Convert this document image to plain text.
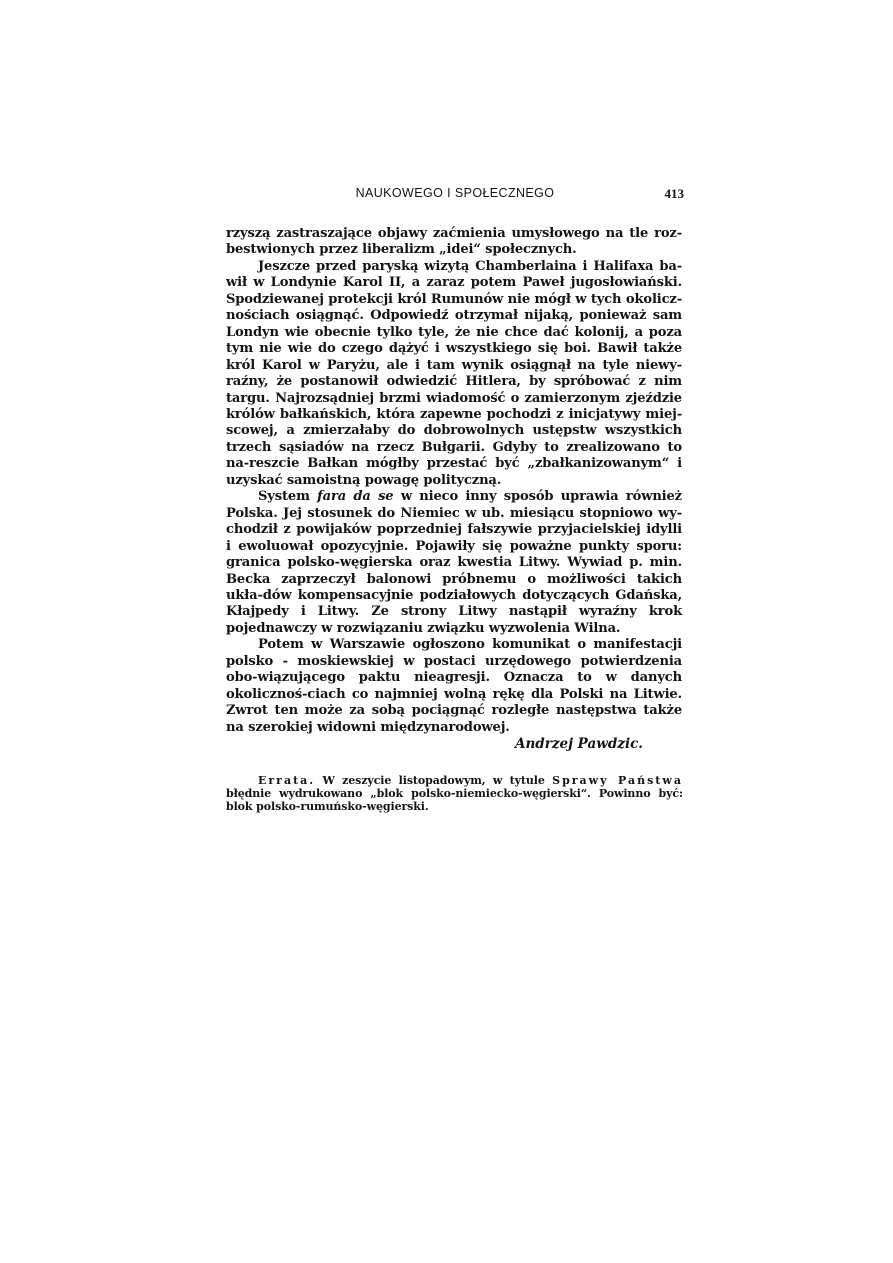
NAUKOWEGO I SPOŁECZNEGO	413

rzyszą zastraszające objawy zaćmienia umysłowego na tle roz-bestwionych przez liberalizm „idei“ społecznych.

Jeszcze przed paryską wizytą Chamberlaina i Halifaxa ba-wił w Londynie Karol II, a zaraz potem Paweł jugosłowiański. Spodziewanej protekcji król Rumunów nie mógł w tych okolicz-nościach osiągnąć. Odpowiedź otrzymał nijaką, ponieważ sam Londyn wie obecnie tylko tyle, że nie chce dać kolonij, a poza tym nie wie do czego dążyć i wszystkiego się boi. Bawił także król Karol w Paryżu, ale i tam wynik osiągnął na tyle niewy-raźny, że postanowił odwiedzić Hitlera, by spróbować z nim targu. Najrozsądniej brzmi wiadomość o zamierzonym zjeździe królów bałkańskich, która zapewne pochodzi z inicjatywy miej-scowej, a zmierzałaby do dobrowolnych ustępstw wszystkich trzech sąsiadów na rzecz Bułgarii. Gdyby to zrealizowano to na-reszcie Bałkan mógłby przestać być „zbałkanizowanym“ i uzyskać samoistną powagę polityczną.

System fara da se w nieco inny sposób uprawia również Polska. Jej stosunek do Niemiec w ub. miesiącu stopniowo wy-chodził z powijaków poprzedniej fałszywie przyjacielskiej idylli i ewoluował opozycyjnie. Pojawiły się poważne punkty sporu: granica polsko-węgierska oraz kwestia Litwy. Wywiad p. min. Becka zaprzeczył balonowi próbnemu o możliwości takich ukła-dów kompensacyjnie podziałowych dotyczących Gdańska, Kłajpedy i Litwy. Ze strony Litwy nastąpił wyraźny krok pojednawczy w rozwiązaniu związku wyzwolenia Wilna.

Potem w Warszawie ogłoszono komunikat o manifestacji polsko - moskiewskiej w postaci urzędowego potwierdzenia obo-wiązującego paktu nieagresji. Oznacza to w danych okolicznoś-ciach co najmniej wolną rękę dla Polski na Litwie. Zwrot ten może za sobą pociągnąć rozległe następstwa także na szerokiej widowni międzynarodowej.

Andrzej Pawdzic.

Errata. W zeszycie listopadowym, w tytule Sprawy Państwa błędnie wydrukowano „blok polsko-niemiecko-węgierski“. Powinno być: blok polsko-rumuńsko-węgierski.
